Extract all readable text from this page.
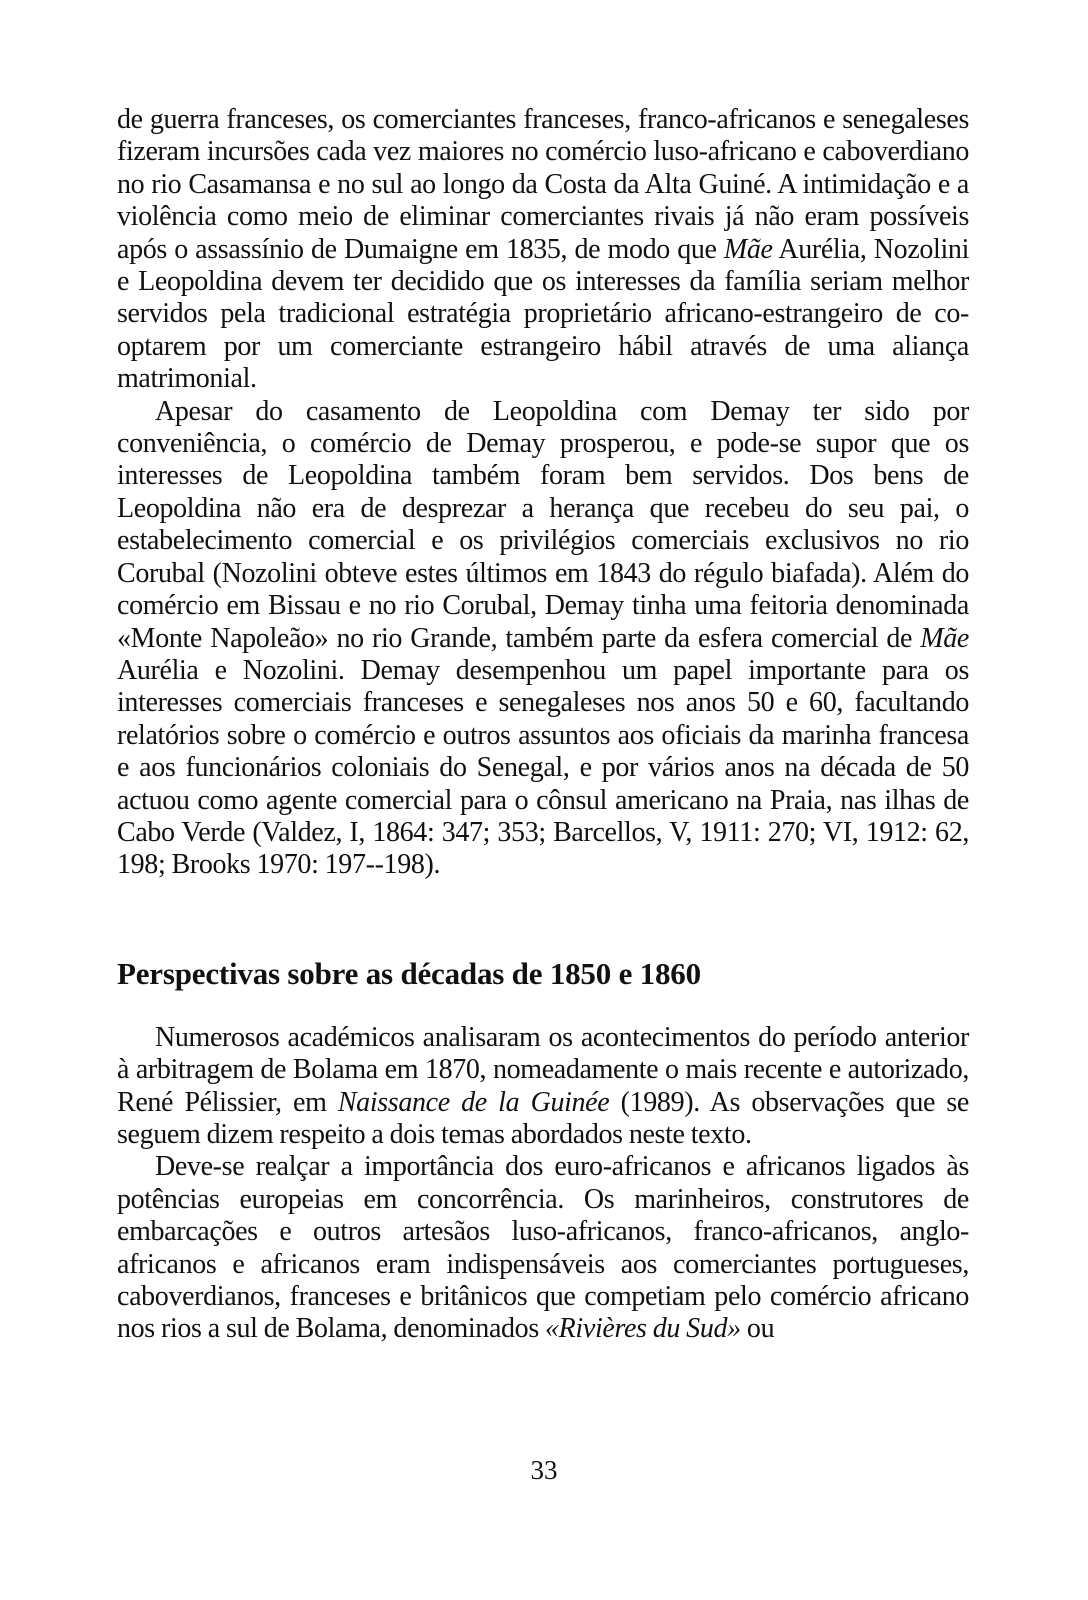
de guerra franceses, os comerciantes franceses, franco-africanos e senegaleses fizeram incursões cada vez maiores no comércio luso-africano e caboverdiano no rio Casamansa e no sul ao longo da Costa da Alta Guiné. A intimidação e a violência como meio de eliminar comerciantes rivais já não eram possíveis após o assassínio de Dumaigne em 1835, de modo que Mãe Aurélia, Nozolini e Leopoldina devem ter decidido que os interesses da família seriam melhor servidos pela tradicional estratégia proprietário africano-estrangeiro de co-optarem por um comerciante estrangeiro hábil através de uma aliança matrimonial.

Apesar do casamento de Leopoldina com Demay ter sido por conveniência, o comércio de Demay prosperou, e pode-se supor que os interesses de Leopoldina também foram bem servidos. Dos bens de Leopoldina não era de desprezar a herança que recebeu do seu pai, o estabelecimento comercial e os privilégios comerciais exclusivos no rio Corubal (Nozolini obteve estes últimos em 1843 do régulo biafada). Além do comércio em Bissau e no rio Corubal, Demay tinha uma feitoria denominada «Monte Napoleão» no rio Grande, também parte da esfera comercial de Mãe Aurélia e Nozolini. Demay desempenhou um papel importante para os interesses comerciais franceses e senegaleses nos anos 50 e 60, facultando relatórios sobre o comércio e outros assuntos aos oficiais da marinha francesa e aos funcionários coloniais do Senegal, e por vários anos na década de 50 actuou como agente comercial para o cônsul americano na Praia, nas ilhas de Cabo Verde (Valdez, I, 1864: 347; 353; Barcellos, V, 1911: 270; VI, 1912: 62, 198; Brooks 1970: 197--198).

Perspectivas sobre as décadas de 1850 e 1860

Numerosos académicos analisaram os acontecimentos do período anterior à arbitragem de Bolama em 1870, nomeadamente o mais recente e autorizado, René Pélissier, em Naissance de la Guinée (1989). As observações que se seguem dizem respeito a dois temas abordados neste texto.

Deve-se realçar a importância dos euro-africanos e africanos ligados às potências europeias em concorrência. Os marinheiros, construtores de embarcações e outros artesãos luso-africanos, franco-africanos, anglo-africanos e africanos eram indispensáveis aos comerciantes portugueses, caboverdianos, franceses e britânicos que competiam pelo comércio africano nos rios a sul de Bolama, denominados «Rivières du Sud» ou

33
